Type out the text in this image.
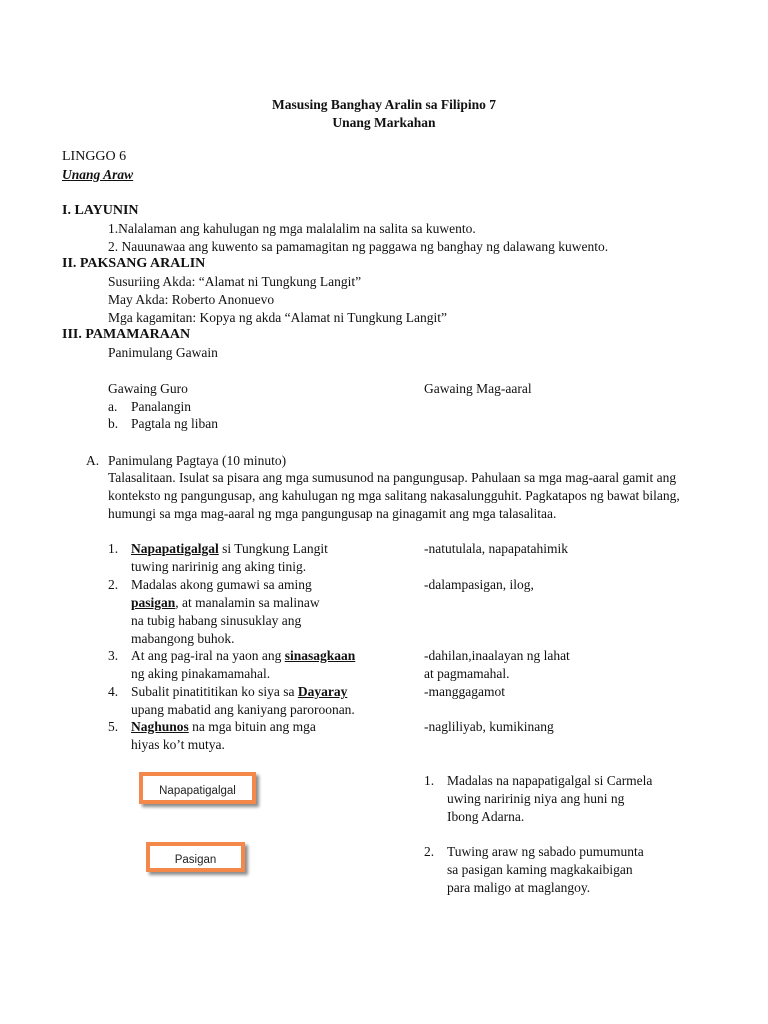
Masusing Banghay Aralin sa Filipino 7
Unang Markahan
LINGGO 6
Unang Araw
I. LAYUNIN
1.Nalalaman ang kahulugan ng mga malalalim na salita sa kuwento.
2. Nauunawaa ang kuwento sa pamamagitan ng paggawa ng banghay ng dalawang kuwento.
II. PAKSANG ARALIN
Susuriing Akda: “Alamat ni Tungkung Langit”
May Akda: Roberto Anonuevo
Mga kagamitan: Kopya ng akda “Alamat ni Tungkung Langit”
III. PAMAMARAAN
Panimulang Gawain
Gawaing Guro	Gawaing Mag-aaral
a. Panalangin
b. Pagtala ng liban
A. Panimulang Pagtaya (10 minuto)
Talasalitaan. Isulat sa pisara ang mga sumusunod na pangungusap. Pahulaan sa mga mag-aaral gamit ang konteksto ng pangungusap, ang kahulugan ng mga salitang nakasalungguhit. Pagkatapos ng bawat bilang, humungi sa mga mag-aaral ng mga pangungusap na ginagamit ang mga talasalitaa.
1. Napapatigalgal si Tungkung Langit
tuwing naririnig ang aking tinig.
-natutulala, napapatahimik
2. Madalas akong gumawi sa aming
pasigan, at manalamin sa malinaw
na tubig habang sinusuklay ang
mabangong buhok.
-dalampasigan, ilog,
3. At ang pag-iral na yaon ang sinasagkaan
ng aking pinakamamahal.
-dahilan,inaalayan ng lahat
at pagmamahal.
4. Subalit pinatititikan ko siya sa Dayaray
upang mabatid ang kaniyang paroroonan.
-manggagamot
5. Naghunos na mga bituin ang mga
hiyas ko’t mutya.
-nagliliyab, kumikinang
Napapatigalgal
Pasigan
1. Madalas na napapatigalgal si Carmela
uwing naririnig niya ang huni ng
Ibong Adarna.
2. Tuwing araw ng sabado pumumunta
sa pasigan kaming magkakaibigan
para maligo at maglangoy.
